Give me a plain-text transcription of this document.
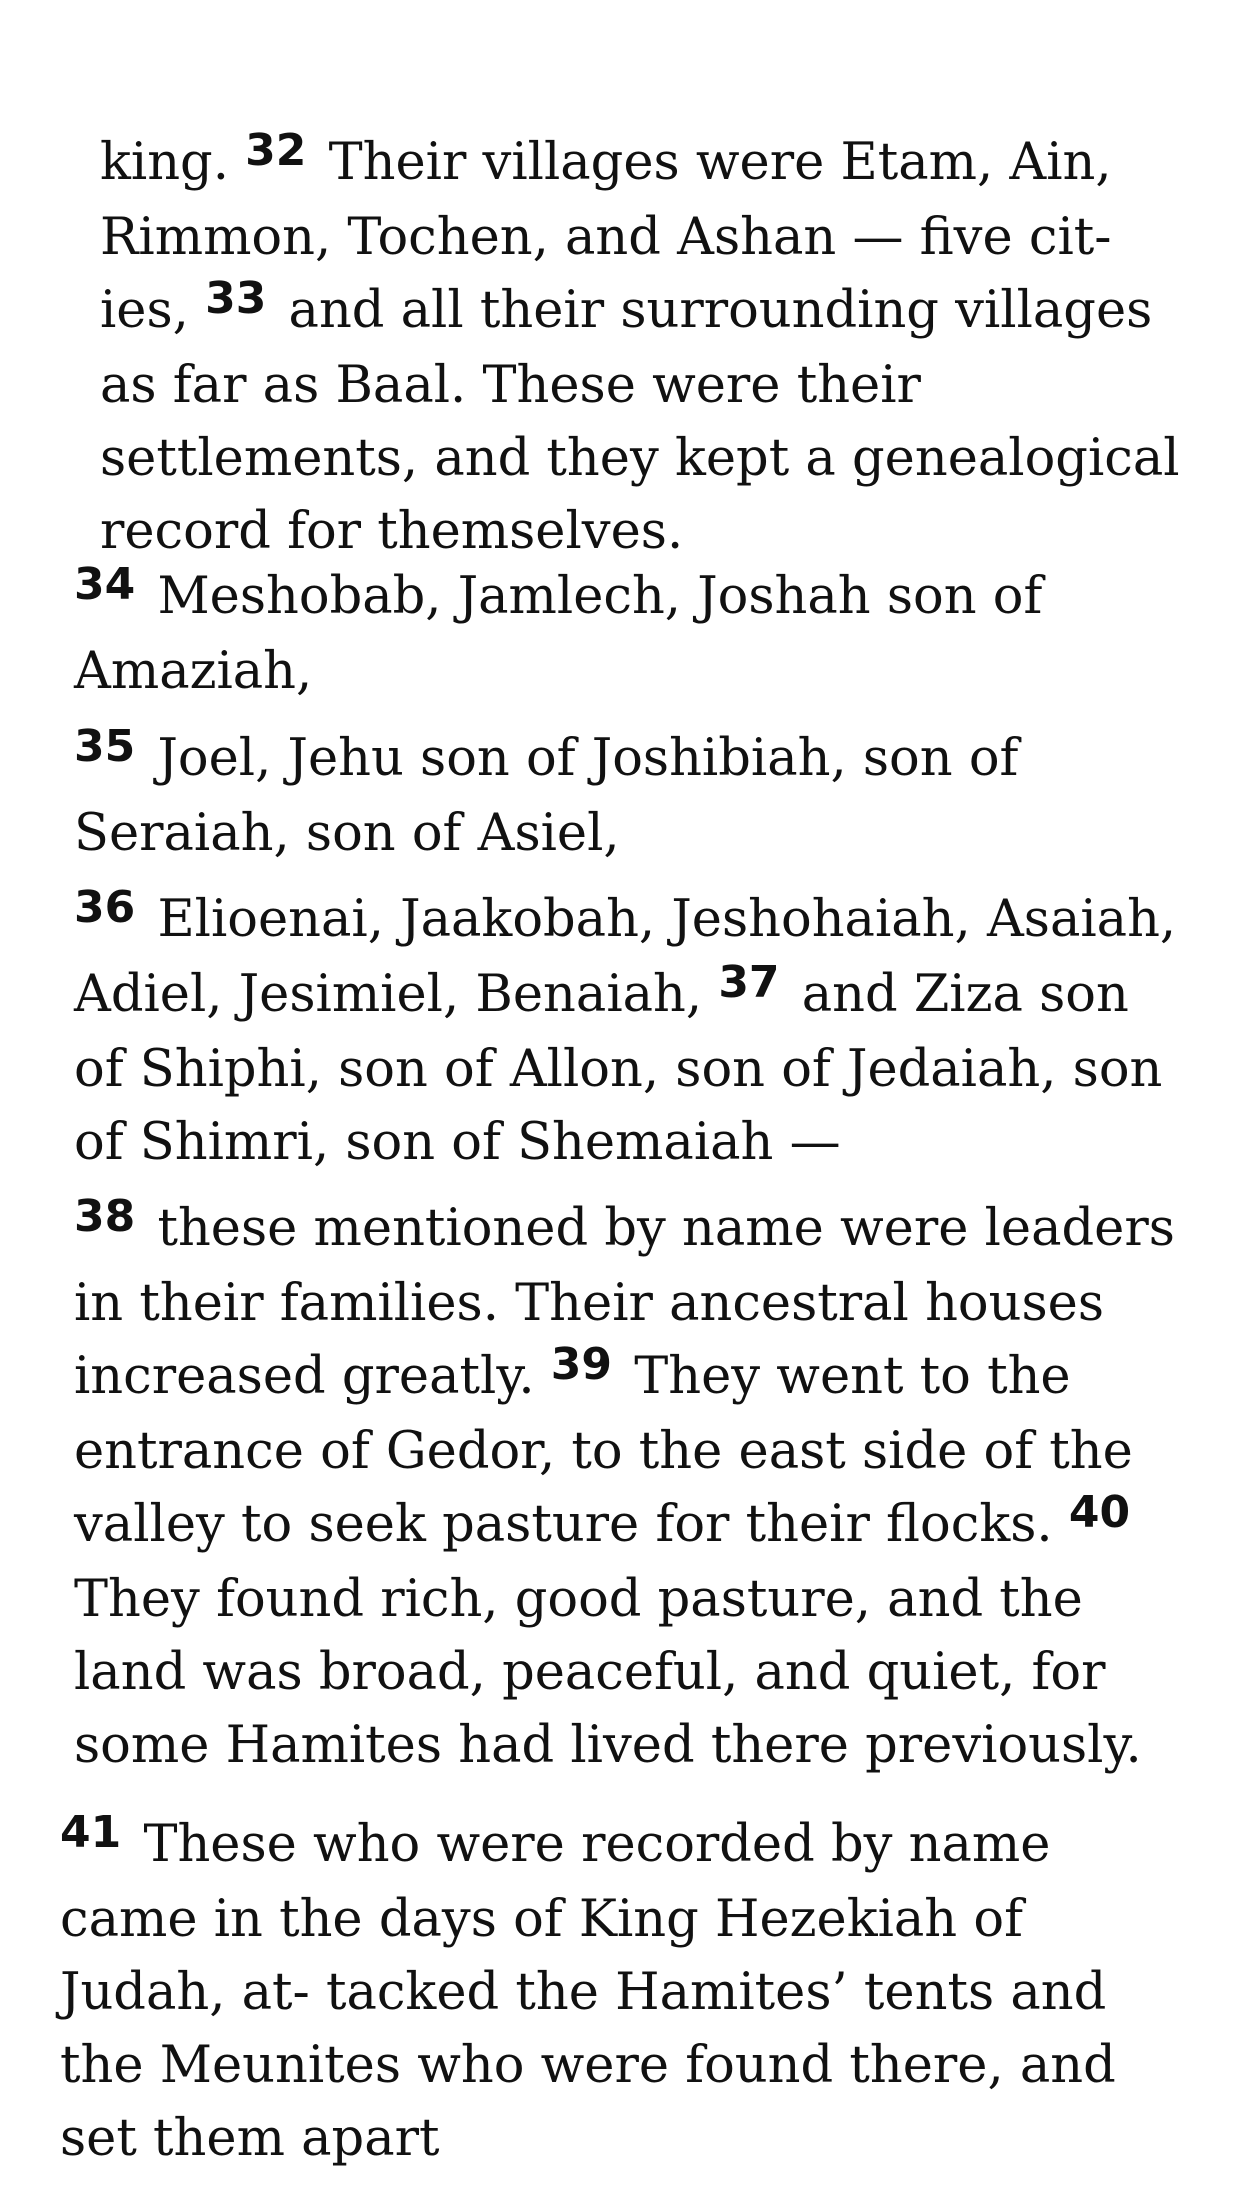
king. 32 Their villages were Etam, Ain, Rimmon, Tochen, and Ashan — five cit- ies, 33 and all their surrounding villages as far as Baal. These were their settlements, and they kept a genealogical record for themselves.

34 Meshobab, Jamlech, Joshah son of Amaziah,

35 Joel, Jehu son of Joshibiah, son of Seraiah, son of Asiel,

36 Elioenai, Jaakobah, Jeshohaiah, Asaiah, Adiel, Jesimiel, Benaiah, 37 and Ziza son of Shiphi, son of Allon, son of Jedaiah, son of Shimri, son of Shemaiah —

38 these mentioned by name were leaders in their families. Their ancestral houses increased greatly. 39 They went to the entrance of Gedor, to the east side of the valley to seek pasture for their flocks. 40 They found rich, good pasture, and the land was broad, peaceful, and quiet, for some Hamites had lived there previously.

41 These who were recorded by name came in the days of King Hezekiah of Judah, at- tacked the Hamites’ tents and the Meunites who were found there, and set them apart
